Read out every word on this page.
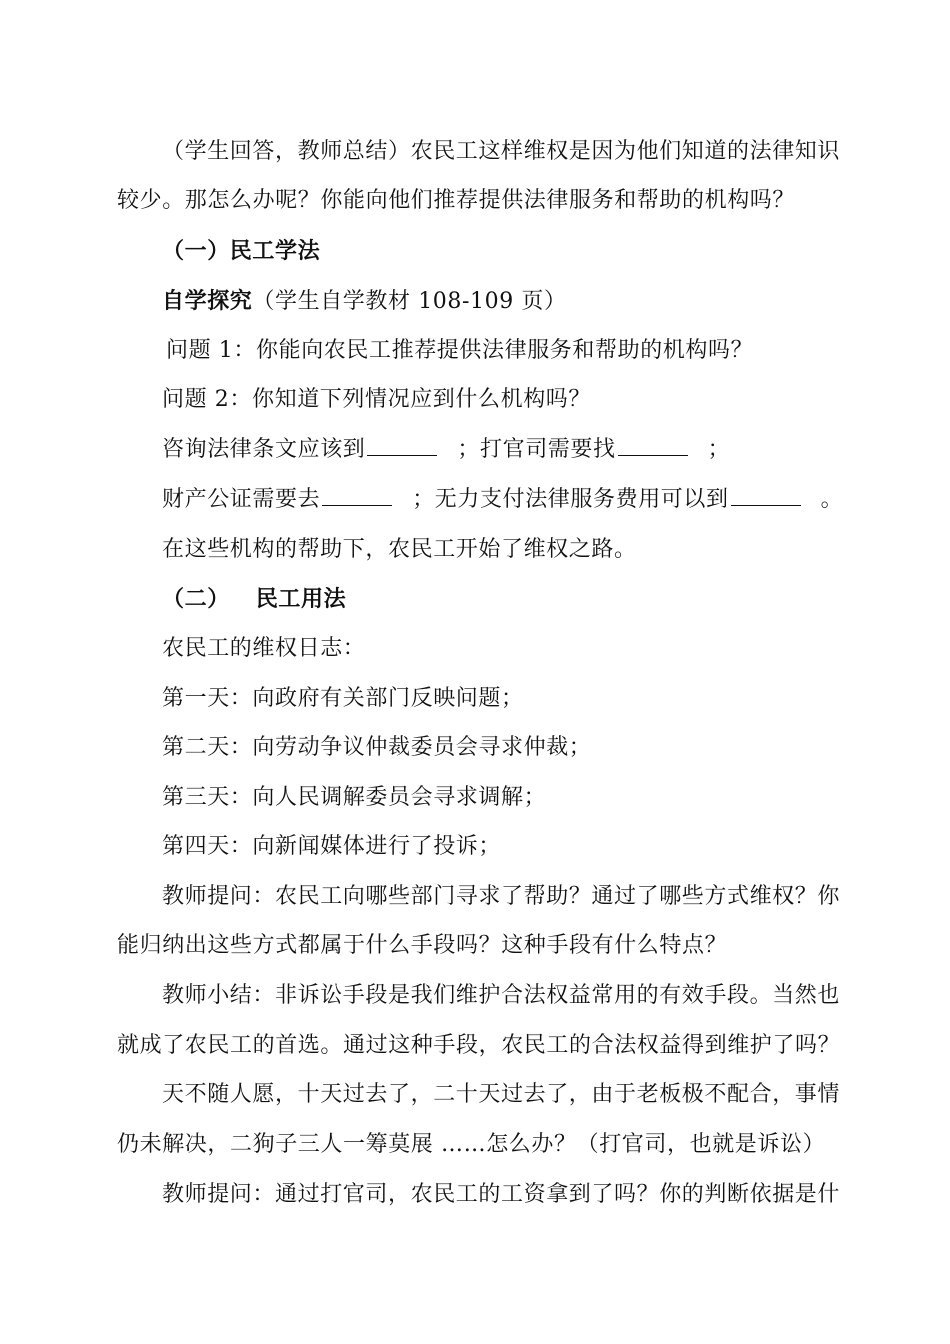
（学生回答，教师总结）农民工这样维权是因为他们知道的法律知识
较少。那怎么办呢？你能向他们推荐提供法律服务和帮助的机构吗？
（一）民工学法
自学探究（学生自学教材 108-109 页）
问题 1：你能向农民工推荐提供法律服务和帮助的机构吗？
问题 2：你知道下列情况应到什么机构吗？
咨询法律条文应该到	；打官司需要找	；
财产公证需要去	；无力支付法律服务费用可以到	。
在这些机构的帮助下，农民工开始了维权之路。
（二） 民工用法
农民工的维权日志：
第一天：向政府有关部门反映问题；
第二天：向劳动争议仲裁委员会寻求仲裁；
第三天：向人民调解委员会寻求调解；
第四天：向新闻媒体进行了投诉；
教师提问：农民工向哪些部门寻求了帮助？通过了哪些方式维权？你
能归纳出这些方式都属于什么手段吗？这种手段有什么特点？
教师小结：非诉讼手段是我们维护合法权益常用的有效手段。当然也
就成了农民工的首选。通过这种手段，农民工的合法权益得到维护了吗？
天不随人愿，十天过去了，二十天过去了，由于老板极不配合，事情
仍未解决，二狗子三人一筹莫展 ……怎么办？（打官司，也就是诉讼）
教师提问：通过打官司，农民工的工资拿到了吗？你的判断依据是什
